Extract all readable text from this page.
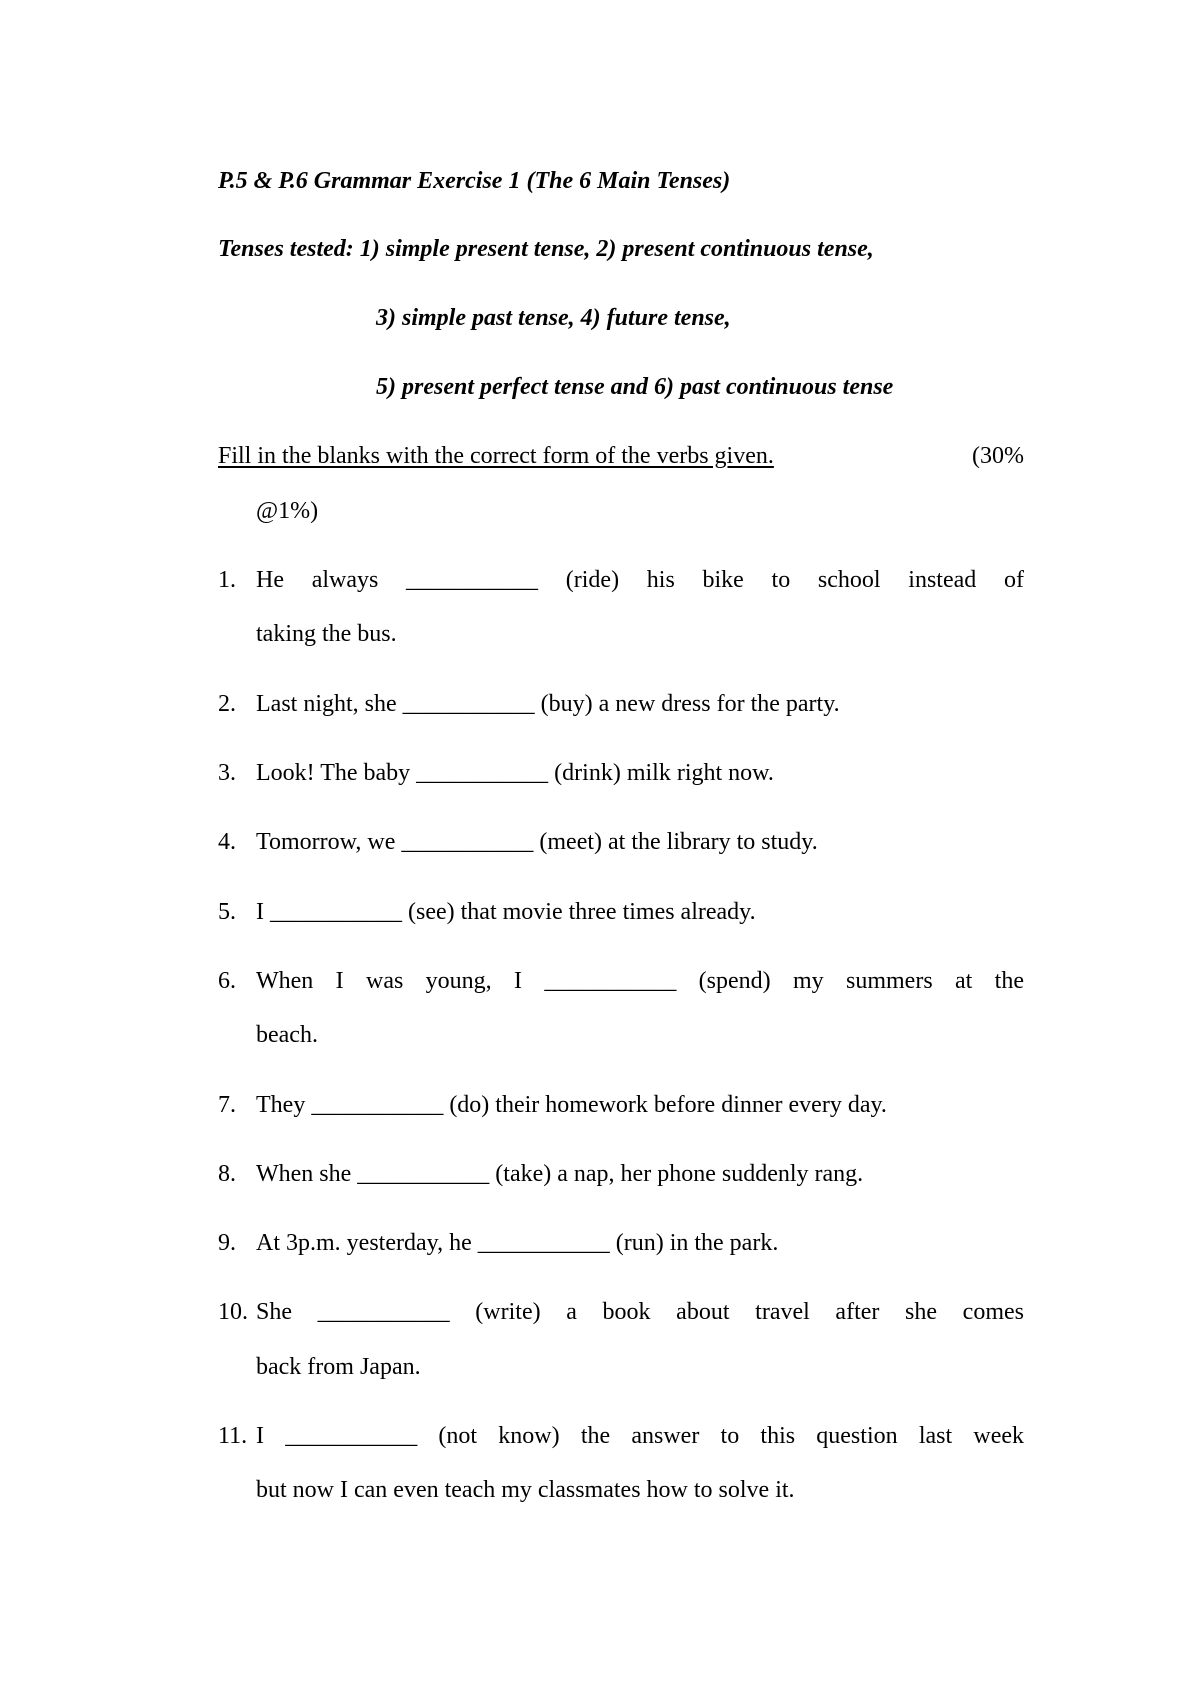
P.5 & P.6 Grammar Exercise 1 (The 6 Main Tenses)
Tenses tested: 1) simple present tense, 2) present continuous tense,
3) simple past tense, 4) future tense,
5) present perfect tense and 6) past continuous tense
Fill in the blanks with the correct form of the verbs given.	(30%
@1%)
1. He always ___________ (ride) his bike to school instead of
taking the bus.
2. Last night, she ___________ (buy) a new dress for the party.
3. Look! The baby ___________ (drink) milk right now.
4. Tomorrow, we ___________ (meet) at the library to study.
5. I ___________ (see) that movie three times already.
6. When I was young, I ___________ (spend) my summers at the
beach.
7. They ___________ (do) their homework before dinner every day.
8. When she ___________ (take) a nap, her phone suddenly rang.
9. At 3p.m. yesterday, he ___________ (run) in the park.
10. She ___________ (write) a book about travel after she comes
back from Japan.
11. I ___________ (not know) the answer to this question last week
but now I can even teach my classmates how to solve it.
